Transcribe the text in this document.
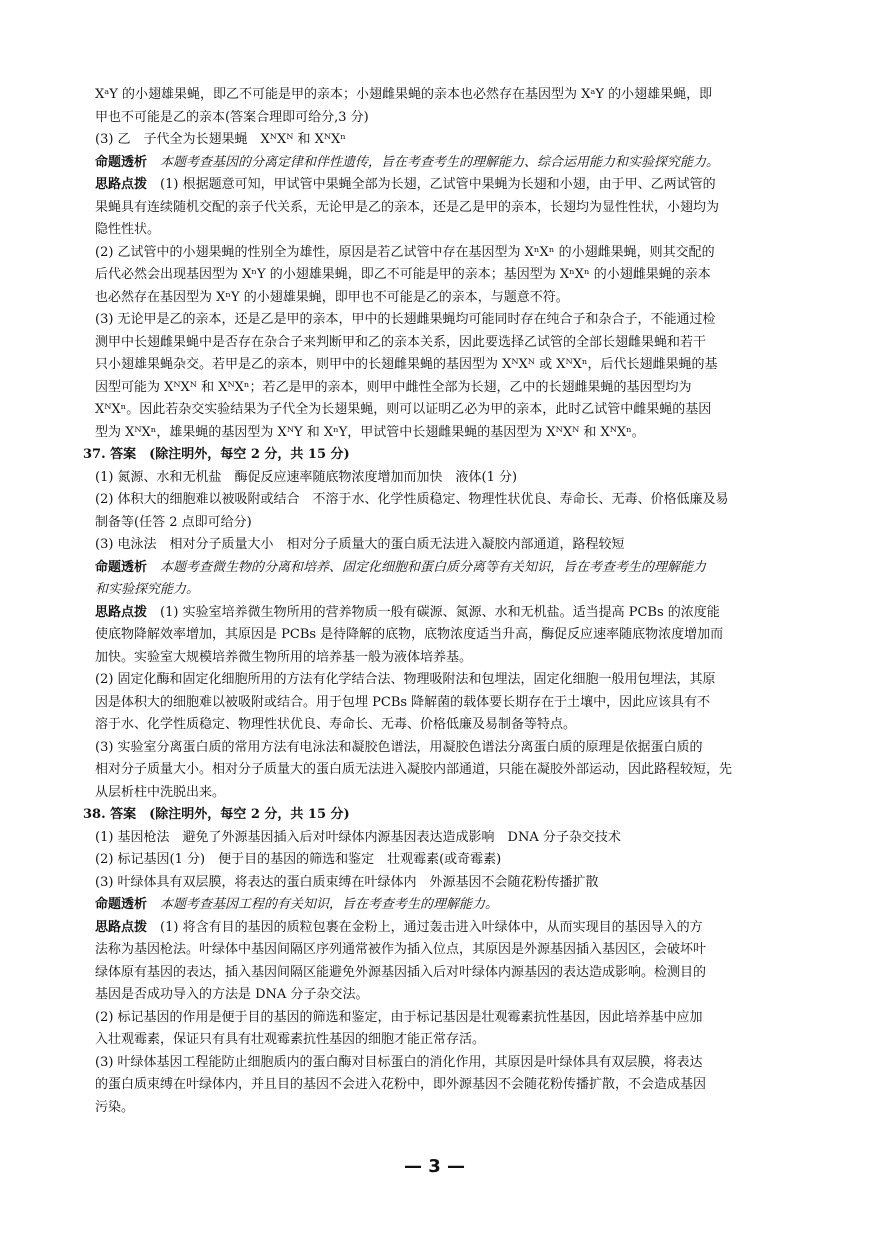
XᵃY 的小翅雄果蝇，即乙不可能是甲的亲本；小翅雌果蝇的亲本也必然存在基因型为 XᵃY 的小翅雄果蝇，即

甲也不可能是乙的亲本(答案合理即可给分,3 分)

(3) 乙　子代全为长翅果蝇　XᴺXᴺ 和 XᴺXⁿ

命题透析　本题考查基因的分离定律和伴性遗传，旨在考查考生的理解能力、综合运用能力和实验探究能力。

思路点拨　(1) 根据题意可知，甲试管中果蝇全部为长翅，乙试管中果蝇为长翅和小翅，由于甲、乙两试管的

果蝇具有连续随机交配的亲子代关系，无论甲是乙的亲本，还是乙是甲的亲本，长翅均为显性性状，小翅均为

隐性性状。

(2) 乙试管中的小翅果蝇的性别全为雄性，原因是若乙试管中存在基因型为 XⁿXⁿ 的小翅雌果蝇，则其交配的

后代必然会出现基因型为 XⁿY 的小翅雄果蝇，即乙不可能是甲的亲本；基因型为 XⁿXⁿ 的小翅雌果蝇的亲本

也必然存在基因型为 XⁿY 的小翅雄果蝇，即甲也不可能是乙的亲本，与题意不符。

(3) 无论甲是乙的亲本，还是乙是甲的亲本，甲中的长翅雌果蝇均可能同时存在纯合子和杂合子，不能通过检

测甲中长翅雌果蝇中是否存在杂合子来判断甲和乙的亲本关系，因此要选择乙试管的全部长翅雌果蝇和若干

只小翅雄果蝇杂交。若甲是乙的亲本，则甲中的长翅雌果蝇的基因型为 XᴺXᴺ 或 XᴺXⁿ，后代长翅雌果蝇的基

因型可能为 XᴺXᴺ 和 XᴺXⁿ；若乙是甲的亲本，则甲中雌性全部为长翅，乙中的长翅雌果蝇的基因型均为

XᴺXⁿ。因此若杂交实验结果为子代全为长翅果蝇，则可以证明乙必为甲的亲本，此时乙试管中雌果蝇的基因

型为 XᴺXⁿ，雄果蝇的基因型为 XᴺY 和 XⁿY，甲试管中长翅雌果蝇的基因型为 XᴺXᴺ 和 XᴺXⁿ。

37. 答案　(除注明外，每空 2 分，共 15 分)

(1) 氮源、水和无机盐　酶促反应速率随底物浓度增加而加快　液体(1 分)

(2) 体积大的细胞难以被吸附或结合　不溶于水、化学性质稳定、物理性状优良、寿命长、无毒、价格低廉及易

制备等(任答 2 点即可给分)

(3) 电泳法　相对分子质量大小　相对分子质量大的蛋白质无法进入凝胶内部通道，路程较短

命题透析　本题考查微生物的分离和培养、固定化细胞和蛋白质分离等有关知识，旨在考查考生的理解能力

和实验探究能力。

思路点拨　(1) 实验室培养微生物所用的营养物质一般有碳源、氮源、水和无机盐。适当提高 PCBs 的浓度能

使底物降解效率增加，其原因是 PCBs 是待降解的底物，底物浓度适当升高，酶促反应速率随底物浓度增加而

加快。实验室大规模培养微生物所用的培养基一般为液体培养基。

(2) 固定化酶和固定化细胞所用的方法有化学结合法、物理吸附法和包埋法，固定化细胞一般用包埋法，其原

因是体积大的细胞难以被吸附或结合。用于包埋 PCBs 降解菌的载体要长期存在于土壤中，因此应该具有不

溶于水、化学性质稳定、物理性状优良、寿命长、无毒、价格低廉及易制备等特点。

(3) 实验室分离蛋白质的常用方法有电泳法和凝胶色谱法，用凝胶色谱法分离蛋白质的原理是依据蛋白质的

相对分子质量大小。相对分子质量大的蛋白质无法进入凝胶内部通道，只能在凝胶外部运动，因此路程较短，先

从层析柱中洗脱出来。

38. 答案　(除注明外，每空 2 分，共 15 分)

(1) 基因枪法　避免了外源基因插入后对叶绿体内源基因表达造成影响　DNA 分子杂交技术

(2) 标记基因(1 分)　便于目的基因的筛选和鉴定　壮观霉素(或奇霉素)

(3) 叶绿体具有双层膜，将表达的蛋白质束缚在叶绿体内　外源基因不会随花粉传播扩散

命题透析　本题考查基因工程的有关知识，旨在考查考生的理解能力。

思路点拨　(1) 将含有目的基因的质粒包裹在金粉上，通过轰击进入叶绿体中，从而实现目的基因导入的方

法称为基因枪法。叶绿体中基因间隔区序列通常被作为插入位点，其原因是外源基因插入基因区，会破坏叶

绿体原有基因的表达，插入基因间隔区能避免外源基因插入后对叶绿体内源基因的表达造成影响。检测目的

基因是否成功导入的方法是 DNA 分子杂交法。

(2) 标记基因的作用是便于目的基因的筛选和鉴定，由于标记基因是壮观霉素抗性基因，因此培养基中应加

入壮观霉素，保证只有具有壮观霉素抗性基因的细胞才能正常存活。

(3) 叶绿体基因工程能防止细胞质内的蛋白酶对目标蛋白的消化作用，其原因是叶绿体具有双层膜，将表达

的蛋白质束缚在叶绿体内，并且目的基因不会进入花粉中，即外源基因不会随花粉传播扩散，不会造成基因

污染。

— 3 —
